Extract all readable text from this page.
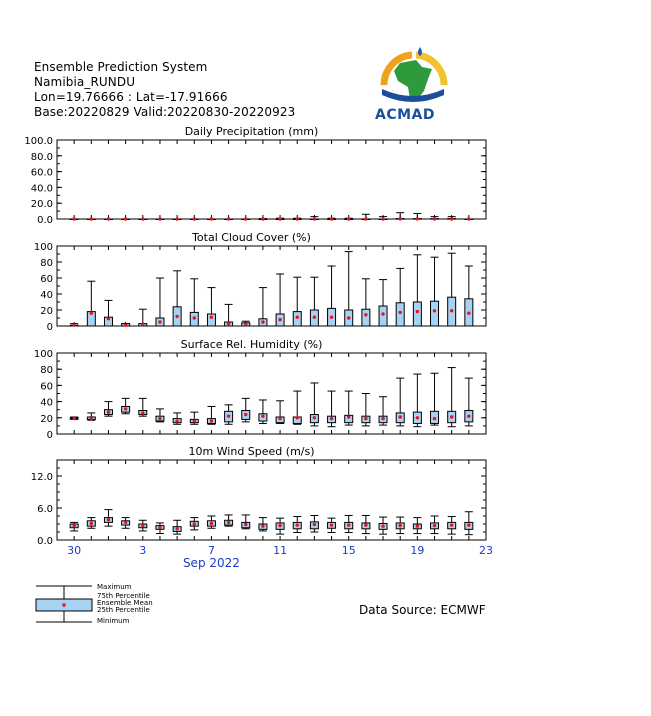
Ensemble Prediction System
Namibia_RUNDU
Lon=19.76666 : Lat=-17.91666
Base:20220829 Valid:20220830-20220923	ACMAD
Daily Precipitation (mm)
0.0
20.0
40.0
60.0
80.0
100.0
Total Cloud Cover (%)
0
20
40
60
80
100
Surface Rel. Humidity (%)
0
20
40
60
80
100
10m Wind Speed (m/s)
0.0
6.0
12.0
30	3	7	11	15	19	23
Sep 2022
Maximum
75th Percentile
Ensemble Mean
25th Percentile
Minimum
Data Source: ECMWF
